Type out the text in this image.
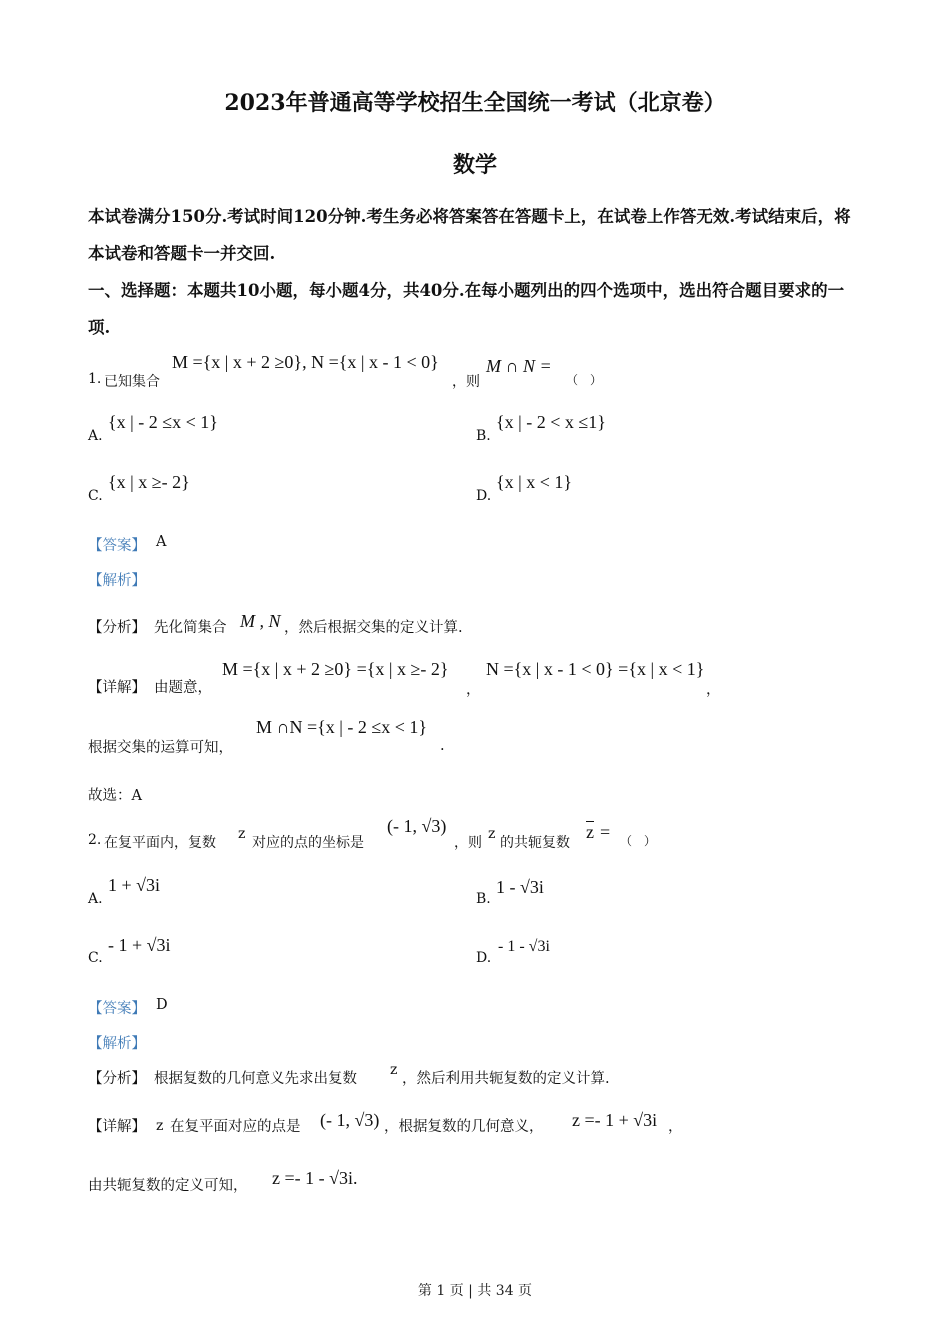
2023年普通高等学校招生全国统一考试（北京卷）
数学
本试卷满分150分.考试时间120分钟.考生务必将答案答在答题卡上，在试卷上作答无效.考试结束后，将本试卷和答题卡一并交回.
一、选择题：本题共10小题，每小题4分，共40分.在每小题列出的四个选项中，选出符合题目要求的一项.
1. 已知集合
M ={x | x + 2 ≥0}, N ={x | x - 1 < 0}
，则
M ∩ N =
（　）
A.
{x | - 2 ≤x < 1}
B.
{x | - 2 < x ≤1}
C.
{x | x ≥- 2}
D.
{x | x < 1}
【答案】 A
【解析】
【分析】 先化简集合 M , N ，然后根据交集的定义计算.
【详解】 由题意，
M ={x | x + 2 ≥0} ={x | x ≥- 2}
，
N ={x | x - 1 < 0} ={x | x < 1}
，
根据交集的运算可知，
M ∩N ={x | - 2 ≤x < 1}
.
故选：A
2. 在复平面内，复数
z
对应的点的坐标是
(- 1, √3)
，则
z
的共轭复数
$\overline{z}$ = （　）
A.
1 + √3i
B.
1 - √3i
C.
- 1 + √3i
D.
- 1 - √3i
【答案】 D
【解析】
【分析】 根据复数的几何意义先求出复数
z
，然后利用共轭复数的定义计算.
【详解】 z 在复平面对应的点是 (- 1, √3) ，根据复数的几何意义， z =- 1 + √3i ，
由共轭复数的定义可知， z =- 1 - √3i.
第 1 页 | 共 34 页
